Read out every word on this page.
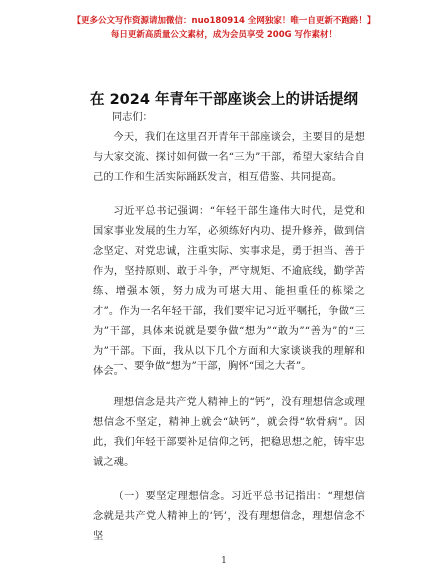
【更多公文写作资源请加微信：nuo180914 全网独家！唯一自更新不跑路！】
每日更新高质量公文素材，成为会员享受 200G 写作素材！
在 2024 年青年干部座谈会上的讲话提纲
同志们：

今天，我们在这里召开青年干部座谈会，主要目的是想与大家交流、探讨如何做一名“三为”干部，希望大家结合自己的工作和生活实际踊跃发言，相互借鉴、共同提高。

习近平总书记强调：“年轻干部生逢伟大时代，是党和国家事业发展的生力军，必须练好内功、提升修养，做到信念坚定、对党忠诚，注重实际、实事求是，勇于担当、善于作为，坚持原则、敢于斗争，严守规矩、不逾底线，勤学苦练、增强本领，努力成为可堪大用、能担重任的栋梁之才”。作为一名年轻干部，我们要牢记习近平嘱托，争做“三为”干部，具体来说就是要争做“想为”“敢为”“善为”的“三为”干部。下面，我从以下几个方面和大家谈谈我的理解和体会。

一、要争做“想为”干部，胸怀“国之大者”。

理想信念是共产党人精神上的“钙”，没有理想信念或理想信念不坚定，精神上就会“缺钙”，就会得“软骨病”。因此，我们年轻干部要补足信仰之钙，把稳思想之舵，铸牢忠诚之魂。

（一）要坚定理想信念。习近平总书记指出：“理想信念就是共产党人精神上的‘钙’，没有理想信念，理想信念不坚

1
